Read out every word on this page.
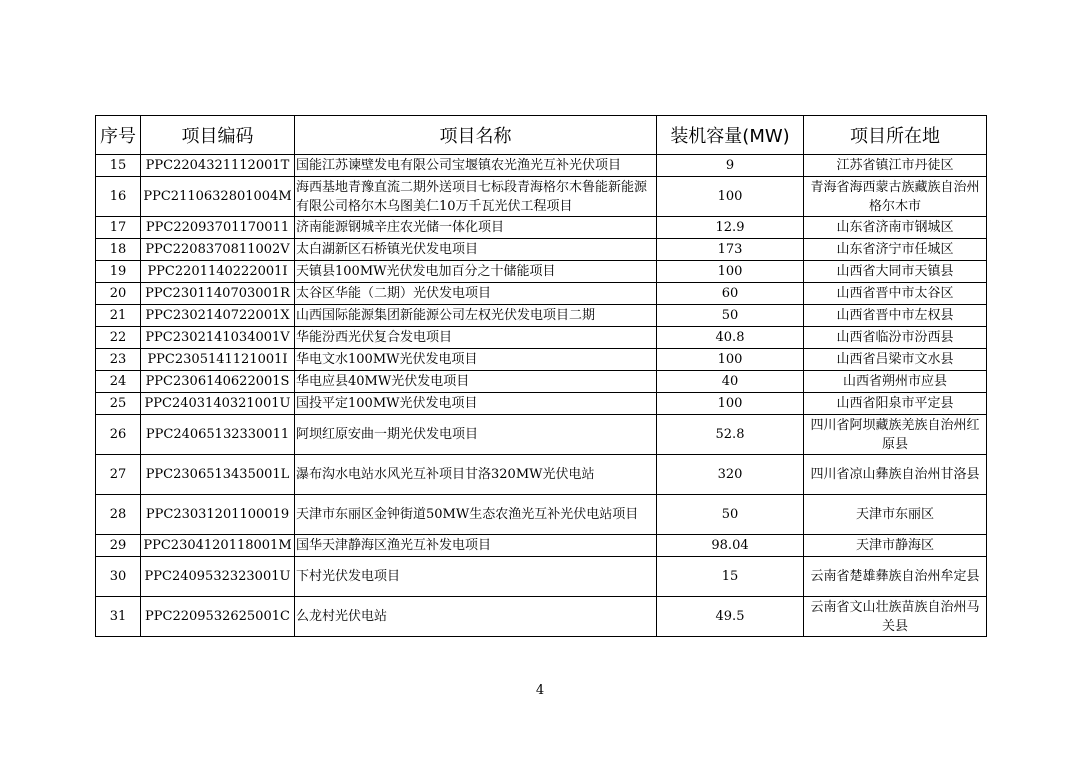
序号	项目编码	项目名称	装机容量(MW)	项目所在地
15	PPC2204321112001T	国能江苏谏壁发电有限公司宝堰镇农光渔光互补光伏项目	9	江苏省镇江市丹徒区
16	PPC2110632801004M	海西基地青豫直流二期外送项目七标段青海格尔木鲁能新能源有限公司格尔木乌图美仁10万千瓦光伏工程项目	100	青海省海西蒙古族藏族自治州格尔木市
17	PPC22093701170011	济南能源钢城辛庄农光储一体化项目	12.9	山东省济南市钢城区
18	PPC2208370811002V	太白湖新区石桥镇光伏发电项目	173	山东省济宁市任城区
19	PPC2201140222001I	天镇县100MW光伏发电加百分之十储能项目	100	山西省大同市天镇县
20	PPC2301140703001R	太谷区华能（二期）光伏发电项目	60	山西省晋中市太谷区
21	PPC2302140722001X	山西国际能源集团新能源公司左权光伏发电项目二期	50	山西省晋中市左权县
22	PPC2302141034001V	华能汾西光伏复合发电项目	40.8	山西省临汾市汾西县
23	PPC2305141121001I	华电文水100MW光伏发电项目	100	山西省吕梁市文水县
24	PPC2306140622001S	华电应县40MW光伏发电项目	40	山西省朔州市应县
25	PPC2403140321001U	国投平定100MW光伏发电项目	100	山西省阳泉市平定县
26	PPC24065132330011	阿坝红原安曲一期光伏发电项目	52.8	四川省阿坝藏族羌族自治州红原县
27	PPC2306513435001L	瀑布沟水电站水风光互补项目甘洛320MW光伏电站	320	四川省凉山彝族自治州甘洛县
28	PPC23031201100019	天津市东丽区金钟街道50MW生态农渔光互补光伏电站项目	50	天津市东丽区
29	PPC2304120118001M	国华天津静海区渔光互补发电项目	98.04	天津市静海区
30	PPC2409532323001U	下村光伏发电项目	15	云南省楚雄彝族自治州牟定县
31	PPC2209532625001C	么龙村光伏电站	49.5	云南省文山壮族苗族自治州马关县
4
